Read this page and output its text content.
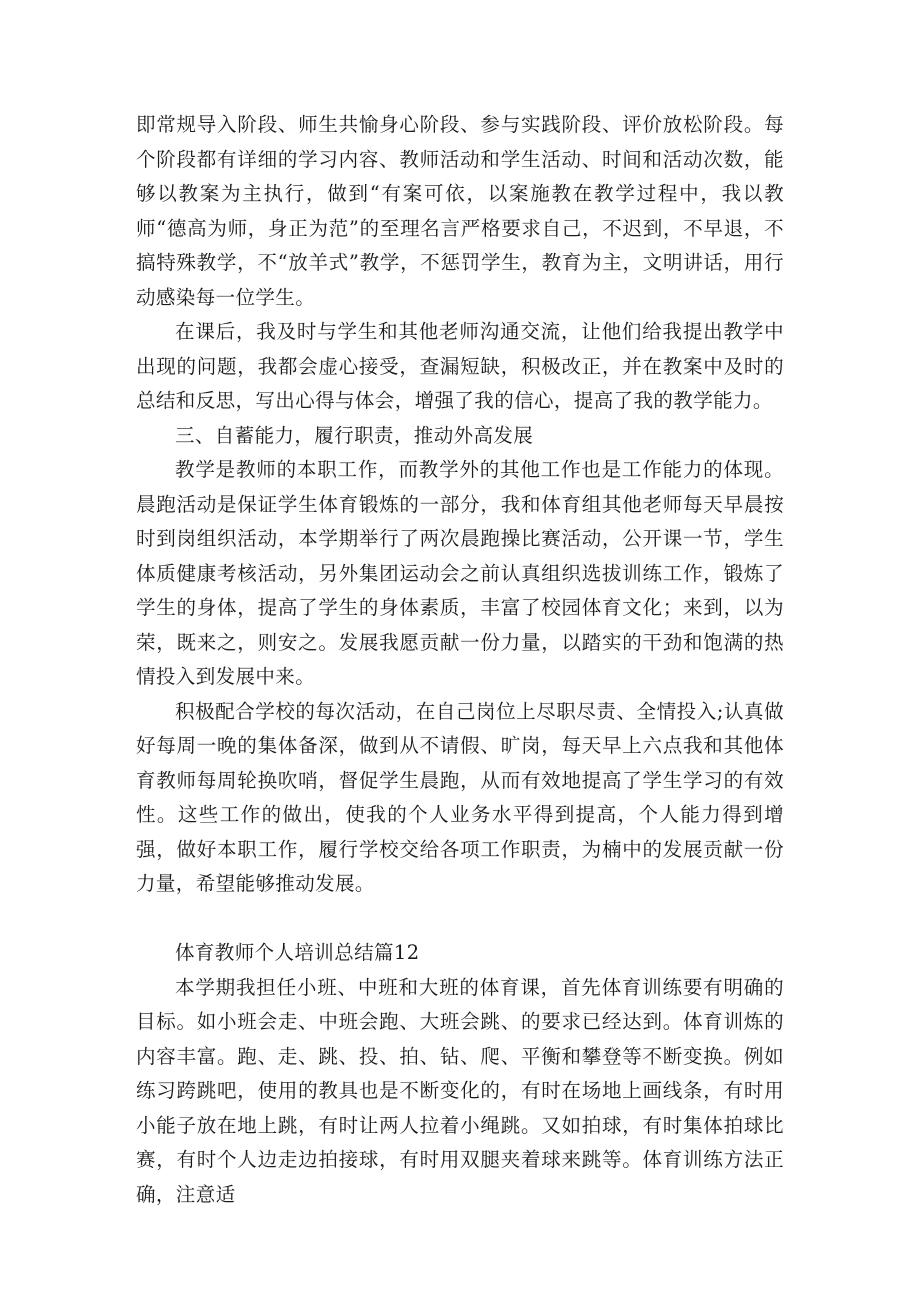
即常规导入阶段、师生共愉身心阶段、参与实践阶段、评价放松阶段。每个阶段都有详细的学习内容、教师活动和学生活动、时间和活动次数，能够以教案为主执行，做到“有案可依，以案施教在教学过程中，我以教师“德高为师，身正为范”的至理名言严格要求自己，不迟到，不早退，不搞特殊教学，不“放羊式”教学，不惩罚学生，教育为主，文明讲话，用行动感染每一位学生。

在课后，我及时与学生和其他老师沟通交流，让他们给我提出教学中出现的问题，我都会虚心接受，查漏短缺，积极改正，并在教案中及时的总结和反思，写出心得与体会，增强了我的信心，提高了我的教学能力。

三、自蓄能力，履行职责，推动外高发展

教学是教师的本职工作，而教学外的其他工作也是工作能力的体现。晨跑活动是保证学生体育锻炼的一部分，我和体育组其他老师每天早晨按时到岗组织活动，本学期举行了两次晨跑操比赛活动，公开课一节，学生体质健康考核活动，另外集团运动会之前认真组织选拔训练工作，锻炼了学生的身体，提高了学生的身体素质，丰富了校园体育文化；来到，以为荣，既来之，则安之。发展我愿贡献一份力量，以踏实的干劲和饱满的热情投入到发展中来。

积极配合学校的每次活动，在自己岗位上尽职尽责、全情投入;认真做好每周一晚的集体备深，做到从不请假、旷岗，每天早上六点我和其他体育教师每周轮换吹哨，督促学生晨跑，从而有效地提高了学生学习的有效性。这些工作的做出，使我的个人业务水平得到提高，个人能力得到增强，做好本职工作，履行学校交给各项工作职责，为楠中的发展贡献一份力量，希望能够推动发展。

体育教师个人培训总结篇12

本学期我担任小班、中班和大班的体育课，首先体育训练要有明确的目标。如小班会走、中班会跑、大班会跳、的要求已经达到。体育训炼的内容丰富。跑、走、跳、投、拍、钻、爬、平衡和攀登等不断变换。例如练习跨跳吧，使用的教具也是不断变化的，有时在场地上画线条，有时用小能子放在地上跳，有时让两人拉着小绳跳。又如拍球，有时集体拍球比赛，有时个人边走边拍接球，有时用双腿夹着球来跳等。体育训练方法正确，注意适
